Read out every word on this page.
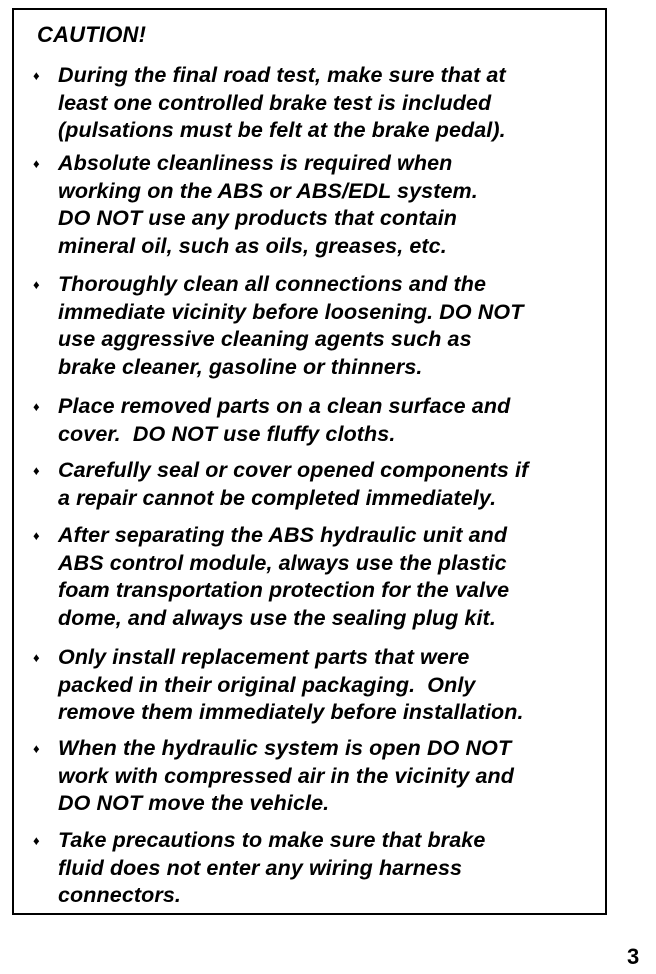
CAUTION!
♦ During the final road test, make sure that at
least one controlled brake test is included
(pulsations must be felt at the brake pedal).
♦ Absolute cleanliness is required when
working on the ABS or ABS/EDL system.
DO NOT use any products that contain
mineral oil, such as oils, greases, etc.
♦ Thoroughly clean all connections and the
immediate vicinity before loosening. DO NOT
use aggressive cleaning agents such as
brake cleaner, gasoline or thinners.
♦ Place removed parts on a clean surface and
cover.  DO NOT use fluffy cloths.
♦ Carefully seal or cover opened components if
a repair cannot be completed immediately.
♦ After separating the ABS hydraulic unit and
ABS control module, always use the plastic
foam transportation protection for the valve
dome, and always use the sealing plug kit.
♦ Only install replacement parts that were
packed in their original packaging.  Only
remove them immediately before installation.
♦ When the hydraulic system is open DO NOT
work with compressed air in the vicinity and
DO NOT move the vehicle.
♦ Take precautions to make sure that brake
fluid does not enter any wiring harness
connectors.
3
